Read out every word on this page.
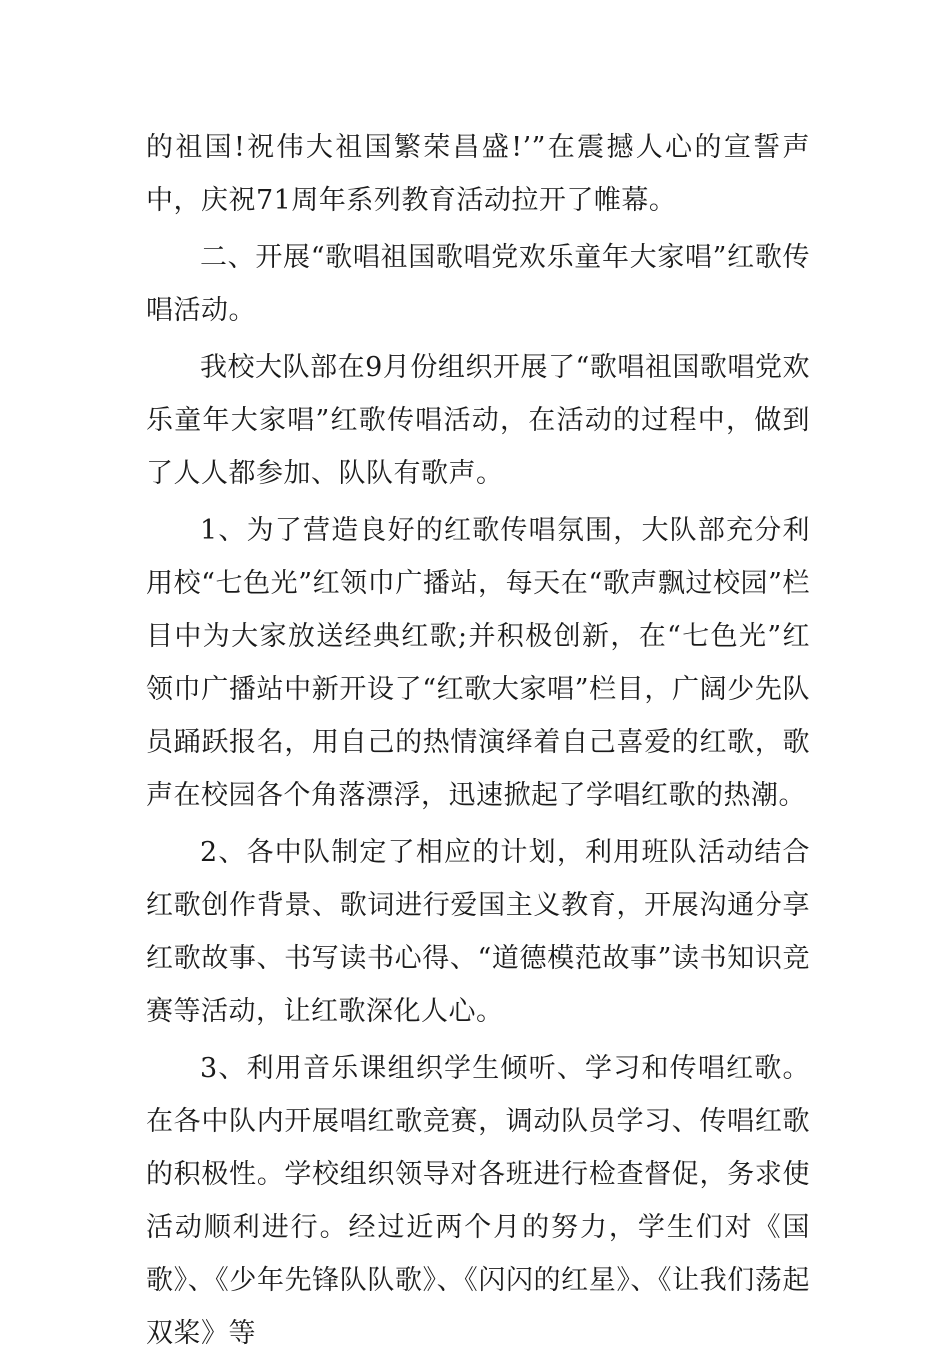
的祖国!祝伟大祖国繁荣昌盛!’”在震撼人心的宣誓声中，庆祝71周年系列教育活动拉开了帷幕。

二、开展“歌唱祖国歌唱党欢乐童年大家唱”红歌传唱活动。

我校大队部在9月份组织开展了“歌唱祖国歌唱党欢乐童年大家唱”红歌传唱活动，在活动的过程中，做到了人人都参加、队队有歌声。

1、为了营造良好的红歌传唱氛围，大队部充分利用校“七色光”红领巾广播站，每天在“歌声飘过校园”栏目中为大家放送经典红歌;并积极创新，在“七色光”红领巾广播站中新开设了“红歌大家唱”栏目，广阔少先队员踊跃报名，用自己的热情演绎着自己喜爱的红歌，歌声在校园各个角落漂浮，迅速掀起了学唱红歌的热潮。

2、各中队制定了相应的计划，利用班队活动结合红歌创作背景、歌词进行爱国主义教育，开展沟通分享红歌故事、书写读书心得、“道德模范故事”读书知识竞赛等活动，让红歌深化人心。

3、利用音乐课组织学生倾听、学习和传唱红歌。在各中队内开展唱红歌竞赛，调动队员学习、传唱红歌的积极性。学校组织领导对各班进行检查督促，务求使活动顺利进行。经过近两个月的努力，学生们对《国歌》、《少年先锋队队歌》、《闪闪的红星》、《让我们荡起双桨》等
